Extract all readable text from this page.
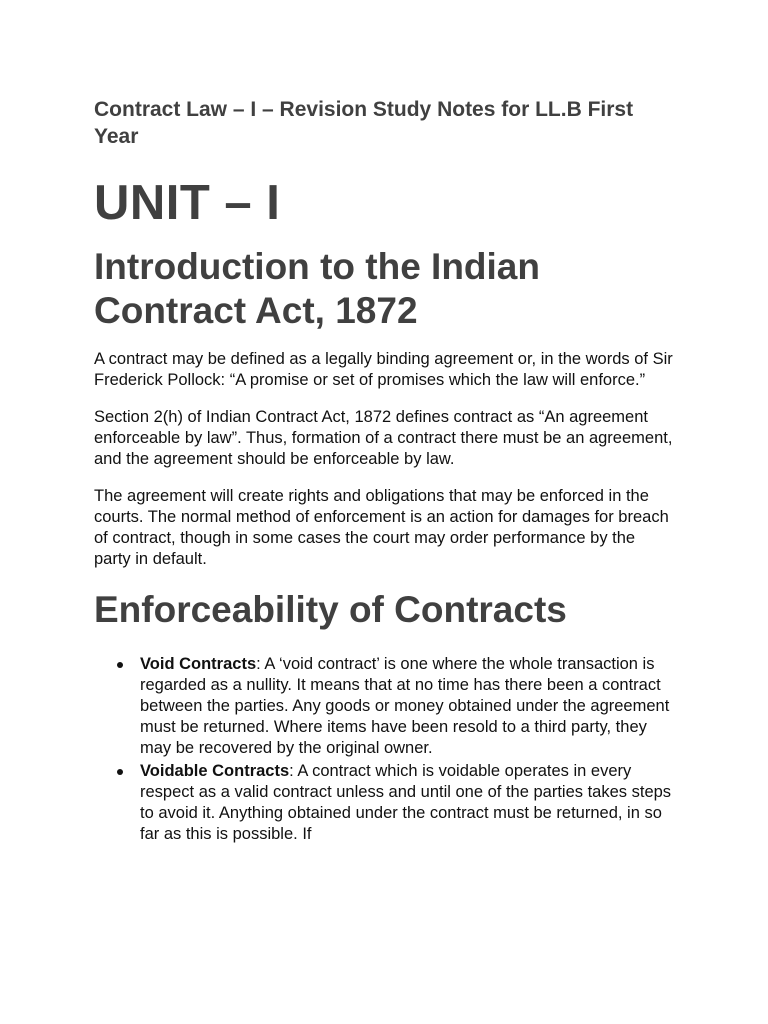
Contract Law – I – Revision Study Notes for LL.B First Year
UNIT – I
Introduction to the Indian Contract Act, 1872

A contract may be defined as a legally binding agreement or, in the words of Sir Frederick Pollock: “A promise or set of promises which the law will enforce.”

Section 2(h) of Indian Contract Act, 1872 defines contract as “An agreement enforceable by law”. Thus, formation of a contract there must be an agreement, and the agreement should be enforceable by law.

The agreement will create rights and obligations that may be enforced in the courts. The normal method of enforcement is an action for damages for breach of contract, though in some cases the court may order performance by the party in default.

Enforceability of Contracts
Void Contracts: A ‘void contract’ is one where the whole transaction is regarded as a nullity. It means that at no time has there been a contract between the parties. Any goods or money obtained under the agreement must be returned. Where items have been resold to a third party, they may be recovered by the original owner.
Voidable Contracts: A contract which is voidable operates in every respect as a valid contract unless and until one of the parties takes steps to avoid it. Anything obtained under the contract must be returned, in so far as this is possible. If
